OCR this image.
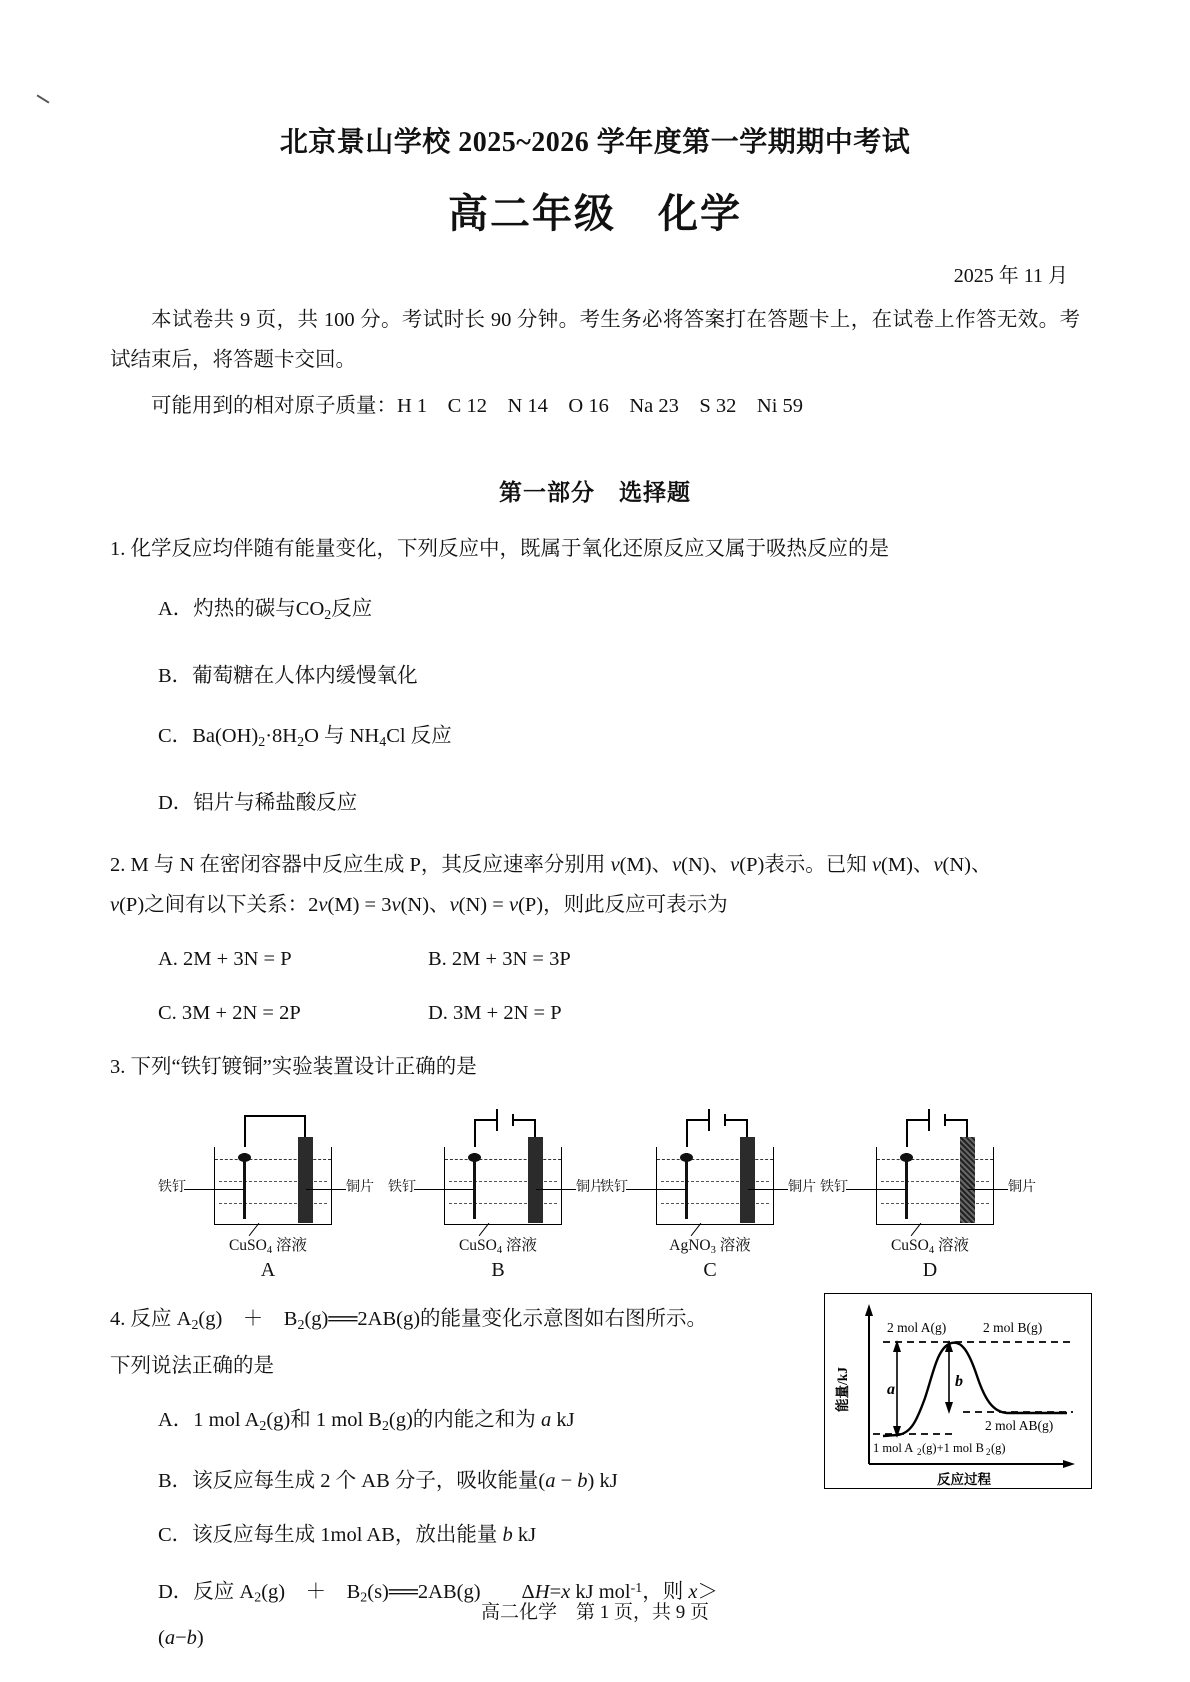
北京景山学校 2025~2026 学年度第一学期期中考试
高二年级　化学
2025 年 11 月
本试卷共 9 页，共 100 分。考试时长 90 分钟。考生务必将答案打在答题卡上，在试卷上作答无效。考试结束后，将答题卡交回。
可能用到的相对原子质量：H 1　C 12　N 14　O 16　Na 23　S 32　Ni 59
第一部分　选择题
1. 化学反应均伴随有能量变化，下列反应中，既属于氧化还原反应又属于吸热反应的是
A．灼热的碳与$CO_2$反应
B．葡萄糖在人体内缓慢氧化
C．$Ba(OH)_2\cdot 8H_2O$ 与 $NH_4Cl$ 反应
D．铝片与稀盐酸反应
2. M 与 N 在密闭容器中反应生成 P，其反应速率分别用 v(M)、v(N)、v(P)表示。已知 v(M)、v(N)、
v(P)之间有以下关系：2v(M) = 3v(N)、v(N) = v(P)，则此反应可表示为
A. 2M + 3N = P	B. 2M + 3N = 3P
C. 3M + 2N = 2P	D. 3M + 2N = P
3. 下列“铁钉镀铜”实验装置设计正确的是
铁钉	铜片
CuSO$_4$ 溶液
A
铁钉	铜片
CuSO$_4$ 溶液
B
铁钉	铜片
AgNO$_3$ 溶液
C
铁钉	铜片
CuSO$_4$ 溶液
D
4. 反应 $A_2(g)$　＋　$B_2(g)══2AB(g)$的能量变化示意图如右图所示。
下列说法正确的是
A．1 mol $A_2(g)$和 1 mol $B_2(g)$的内能之和为 a kJ
B．该反应每生成 2 个 AB 分子，吸收能量(a − b) kJ
C．该反应每生成 1mol AB，放出能量 b kJ
D．反应 $A_2(g)$　＋　$B_2(s)══2AB(g)$　　ΔH=x kJ mol$^{-1}$，则 x＞(a−b)
2 mol A(g)	2 mol B(g)
2 mol AB(g)
1 mol A 2 (g)+1 mol B 2 (g)
a	b
能量/kJ
反应过程
高二化学　第 1 页，共 9 页
